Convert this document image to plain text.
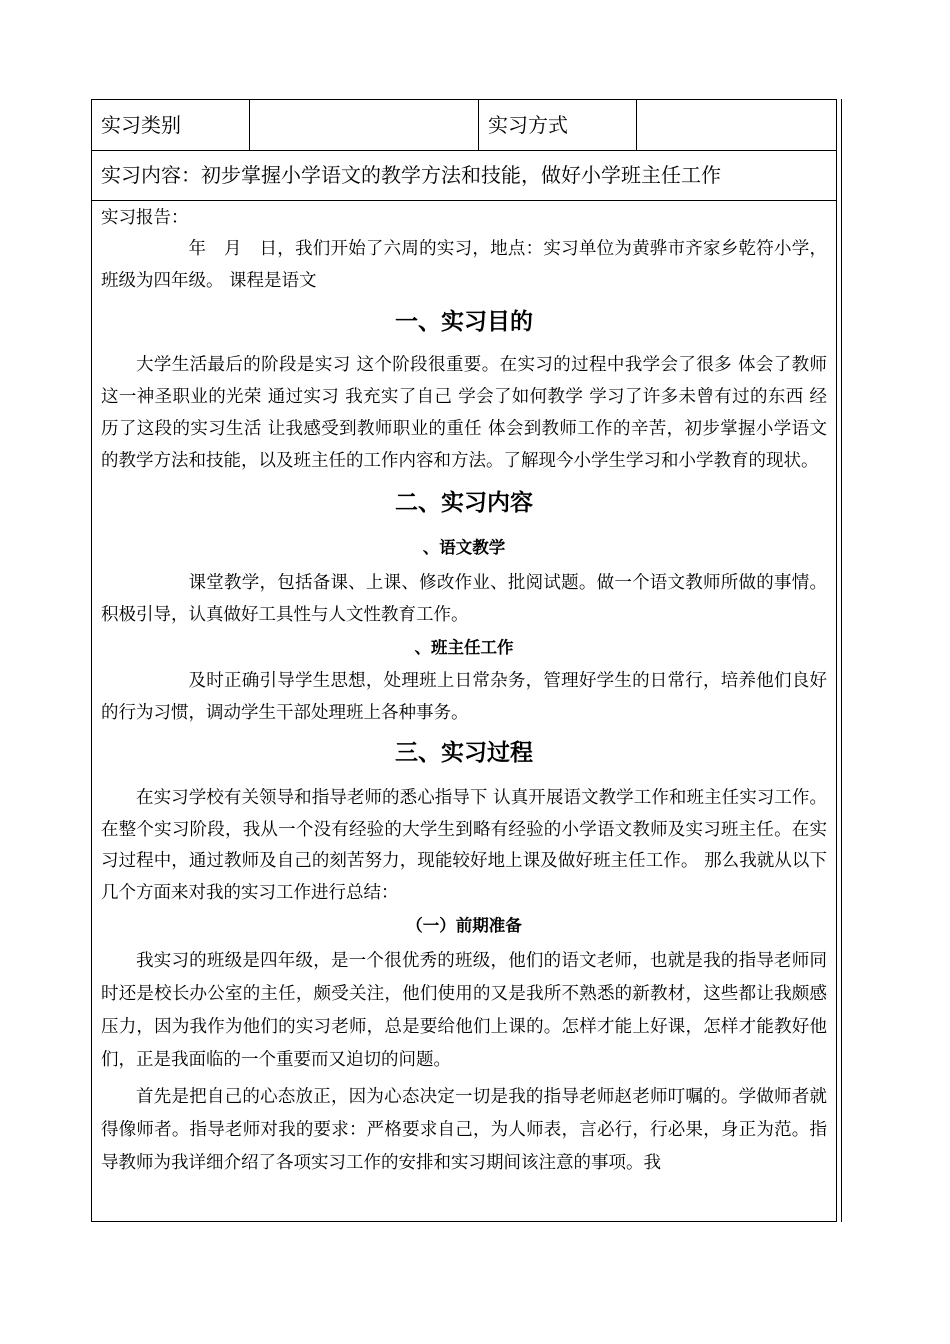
实习类别	实习方式
实习内容：初步掌握小学语文的教学方法和技能，做好小学班主任工作

实习报告：

年　月　日，我们开始了六周的实习，地点：实习单位为黄骅市齐家乡乾符小学，班级为四年级。 课程是语文

一、实习目的

大学生活最后的阶段是实习 这个阶段很重要。在实习的过程中我学会了很多 体会了教师这一神圣职业的光荣 通过实习 我充实了自己 学会了如何教学 学习了许多未曾有过的东西 经历了这段的实习生活 让我感受到教师职业的重任 体会到教师工作的辛苦，初步掌握小学语文的教学方法和技能，以及班主任的工作内容和方法。了解现今小学生学习和小学教育的现状。

二、实习内容

、语文教学

课堂教学，包括备课、上课、修改作业、批阅试题。做一个语文教师所做的事情。积极引导，认真做好工具性与人文性教育工作。

、班主任工作

及时正确引导学生思想，处理班上日常杂务，管理好学生的日常行，培养他们良好的行为习惯，调动学生干部处理班上各种事务。

三、实习过程

在实习学校有关领导和指导老师的悉心指导下 认真开展语文教学工作和班主任实习工作。在整个实习阶段，我从一个没有经验的大学生到略有经验的小学语文教师及实习班主任。在实习过程中，通过教师及自己的刻苦努力，现能较好地上课及做好班主任工作。 那么我就从以下几个方面来对我的实习工作进行总结：

（一）前期准备

我实习的班级是四年级，是一个很优秀的班级，他们的语文老师，也就是我的指导老师同时还是校长办公室的主任，颇受关注，他们使用的又是我所不熟悉的新教材，这些都让我颇感压力，因为我作为他们的实习老师，总是要给他们上课的。怎样才能上好课，怎样才能教好他们，正是我面临的一个重要而又迫切的问题。

首先是把自己的心态放正，因为心态决定一切是我的指导老师赵老师叮嘱的。学做师者就得像师者。指导老师对我的要求：严格要求自己，为人师表，言必行，行必果，身正为范。指导教师为我详细介绍了各项实习工作的安排和实习期间该注意的事项。我
